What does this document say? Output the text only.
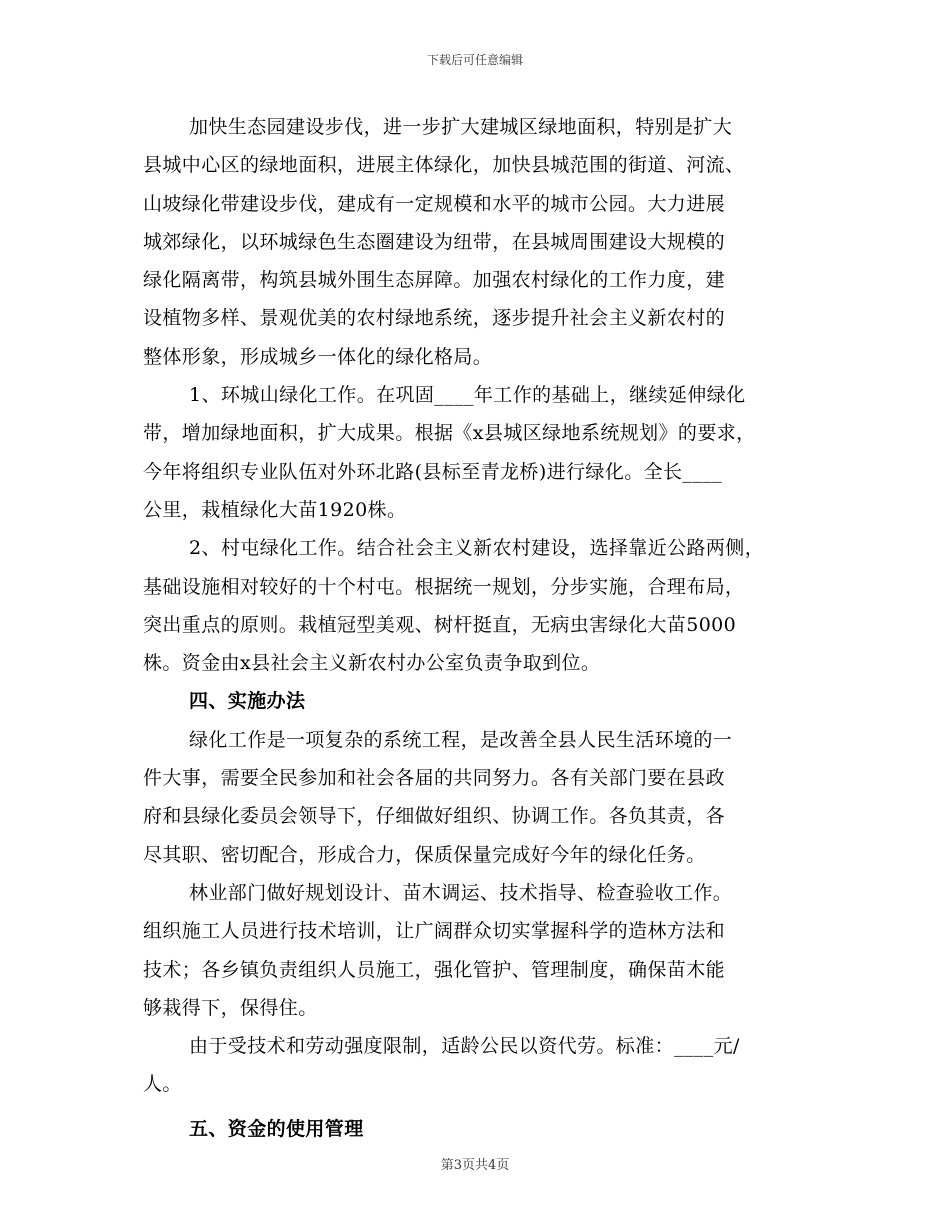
下载后可任意编辑
加快生态园建设步伐，进一步扩大建城区绿地面积，特别是扩大
县城中心区的绿地面积，进展主体绿化，加快县城范围的街道、河流、
山坡绿化带建设步伐，建成有一定规模和水平的城市公园。大力进展
城郊绿化，以环城绿色生态圈建设为纽带，在县城周围建设大规模的
绿化隔离带，构筑县城外围生态屏障。加强农村绿化的工作力度，建
设植物多样、景观优美的农村绿地系统，逐步提升社会主义新农村的
整体形象，形成城乡一体化的绿化格局。
1、环城山绿化工作。在巩固____年工作的基础上，继续延伸绿化
带，增加绿地面积，扩大成果。根据《x县城区绿地系统规划》的要求，
今年将组织专业队伍对外环北路(县标至青龙桥)进行绿化。全长____
公里，栽植绿化大苗1920株。
2、村屯绿化工作。结合社会主义新农村建设，选择靠近公路两侧，
基础设施相对较好的十个村屯。根据统一规划，分步实施，合理布局，
突出重点的原则。栽植冠型美观、树杆挺直，无病虫害绿化大苗5000
株。资金由x县社会主义新农村办公室负责争取到位。
四、实施办法
绿化工作是一项复杂的系统工程，是改善全县人民生活环境的一
件大事，需要全民参加和社会各届的共同努力。各有关部门要在县政
府和县绿化委员会领导下，仔细做好组织、协调工作。各负其责，各
尽其职、密切配合，形成合力，保质保量完成好今年的绿化任务。
林业部门做好规划设计、苗木调运、技术指导、检查验收工作。
组织施工人员进行技术培训，让广阔群众切实掌握科学的造林方法和
技术；各乡镇负责组织人员施工，强化管护、管理制度，确保苗木能
够栽得下，保得住。
由于受技术和劳动强度限制，适龄公民以资代劳。标准：____元/
人。
五、资金的使用管理
第3页共4页
